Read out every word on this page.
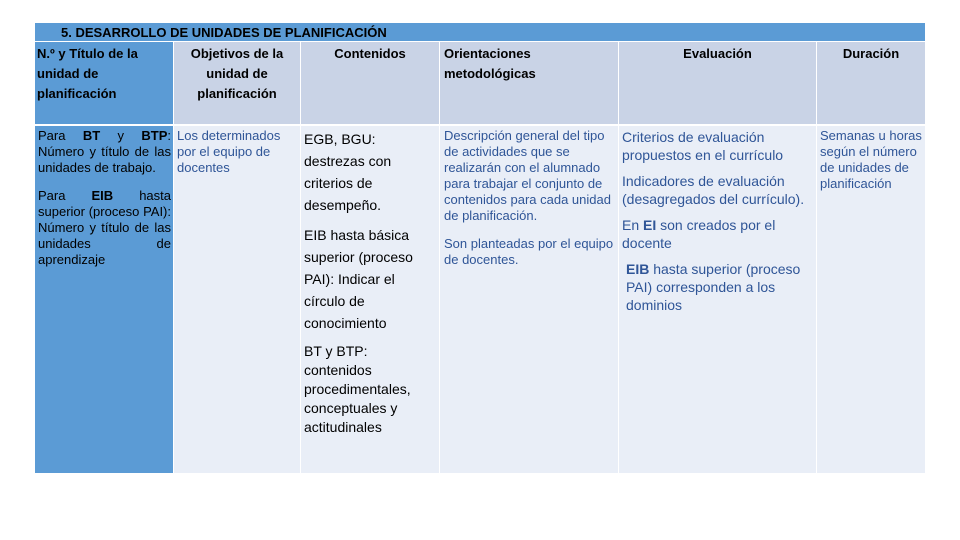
5. DESARROLLO DE UNIDADES DE PLANIFICACIÓN
N.º y Título de la unidad de planificación
Objetivos de la unidad de planificación
Contenidos	Orientaciones metodológicas
Evaluación	Duración

Para BT y BTP: Número y título de las unidades de trabajo.

Para EIB hasta superior (proceso PAI): Número y título de las unidades de aprendizaje

Los determinados por el equipo de docentes

EGB, BGU: destrezas con criterios de desempeño.

EIB hasta básica superior (proceso PAI): Indicar el círculo de conocimiento

BT y BTP: contenidos procedimentales, conceptuales y actitudinales

Descripción general del tipo de actividades que se realizarán con el alumnado para trabajar el conjunto de contenidos para cada unidad de planificación.

Son planteadas por el equipo de docentes.

Criterios de evaluación propuestos en el currículo

Indicadores de evaluación (desagregados del currículo).

En EI son creados por el docente

EIB hasta superior (proceso PAI) corresponden a los dominios

Semanas u horas según el número de unidades de planificación
